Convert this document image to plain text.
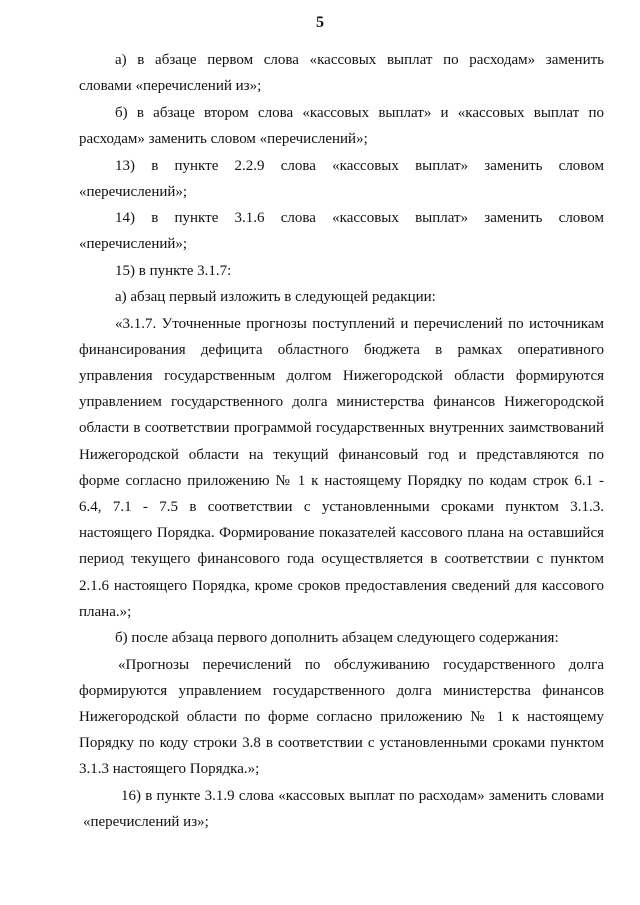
5
а) в абзаце первом слова «кассовых выплат по расходам» заменить
словами «перечислений из»;
б) в абзаце втором слова «кассовых выплат» и «кассовых выплат по
расходам» заменить словом «перечислений»;
13) в пункте 2.2.9 слова «кассовых выплат» заменить словом
«перечислений»;
14) в пункте 3.1.6 слова «кассовых выплат» заменить словом
«перечислений»;
15) в пункте 3.1.7:
а) абзац первый изложить в следующей редакции:
«3.1.7. Уточненные прогнозы поступлений и перечислений по источникам
финансирования дефицита областного бюджета в рамках оперативного
управления государственным долгом Нижегородской области формируются
управлением государственного долга министерства финансов Нижегородской
области в соответствии программой государственных внутренних заимствований
Нижегородской области на текущий финансовый год и представляются по
форме согласно приложению № 1 к настоящему Порядку по кодам строк 6.1 -
6.4, 7.1 - 7.5 в соответствии с установленными сроками пунктом 3.1.3.
настоящего Порядка. Формирование показателей кассового плана на оставшийся
период текущего финансового года осуществляется в соответствии с пунктом
2.1.6 настоящего Порядка, кроме сроков предоставления сведений для кассового
плана.»;
б) после абзаца первого дополнить абзацем следующего содержания:
«Прогнозы перечислений по обслуживанию государственного долга
формируются управлением государственного долга министерства финансов
Нижегородской области по форме согласно приложению № 1 к настоящему
Порядку по коду строки 3.8 в соответствии с установленными сроками пунктом
3.1.3 настоящего Порядка.»;
16) в пункте 3.1.9 слова «кассовых выплат по расходам» заменить словами
«перечислений из»;
